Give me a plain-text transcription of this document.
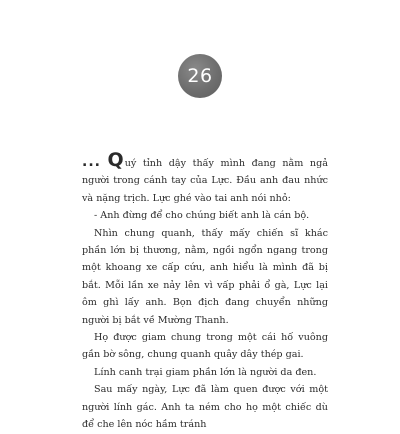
26

... Quý tỉnh dậy thấy mình đang nằm ngả người trong cánh tay của Lực. Đầu anh đau nhức và nặng trịch. Lực ghé vào tai anh nói nhỏ:

- Anh đừng để cho chúng biết anh là cán bộ.

Nhìn chung quanh, thấy mấy chiến sĩ khác phần lớn bị thương, nằm, ngồi ngổn ngang trong một khoang xe cấp cứu, anh hiểu là mình đã bị bắt. Mỗi lần xe nảy lên vì vấp phải ổ gà, Lực lại ôm ghì lấy anh. Bọn địch đang chuyển những người bị bắt về Mường Thanh.

Họ được giam chung trong một cái hố vuông gần bờ sông, chung quanh quây dây thép gai.

Lính canh trại giam phần lớn là người da đen.

Sau mấy ngày, Lực đã làm quen được với một người lính gác. Anh ta ném cho họ một chiếc dù để che lên nóc hầm tránh
